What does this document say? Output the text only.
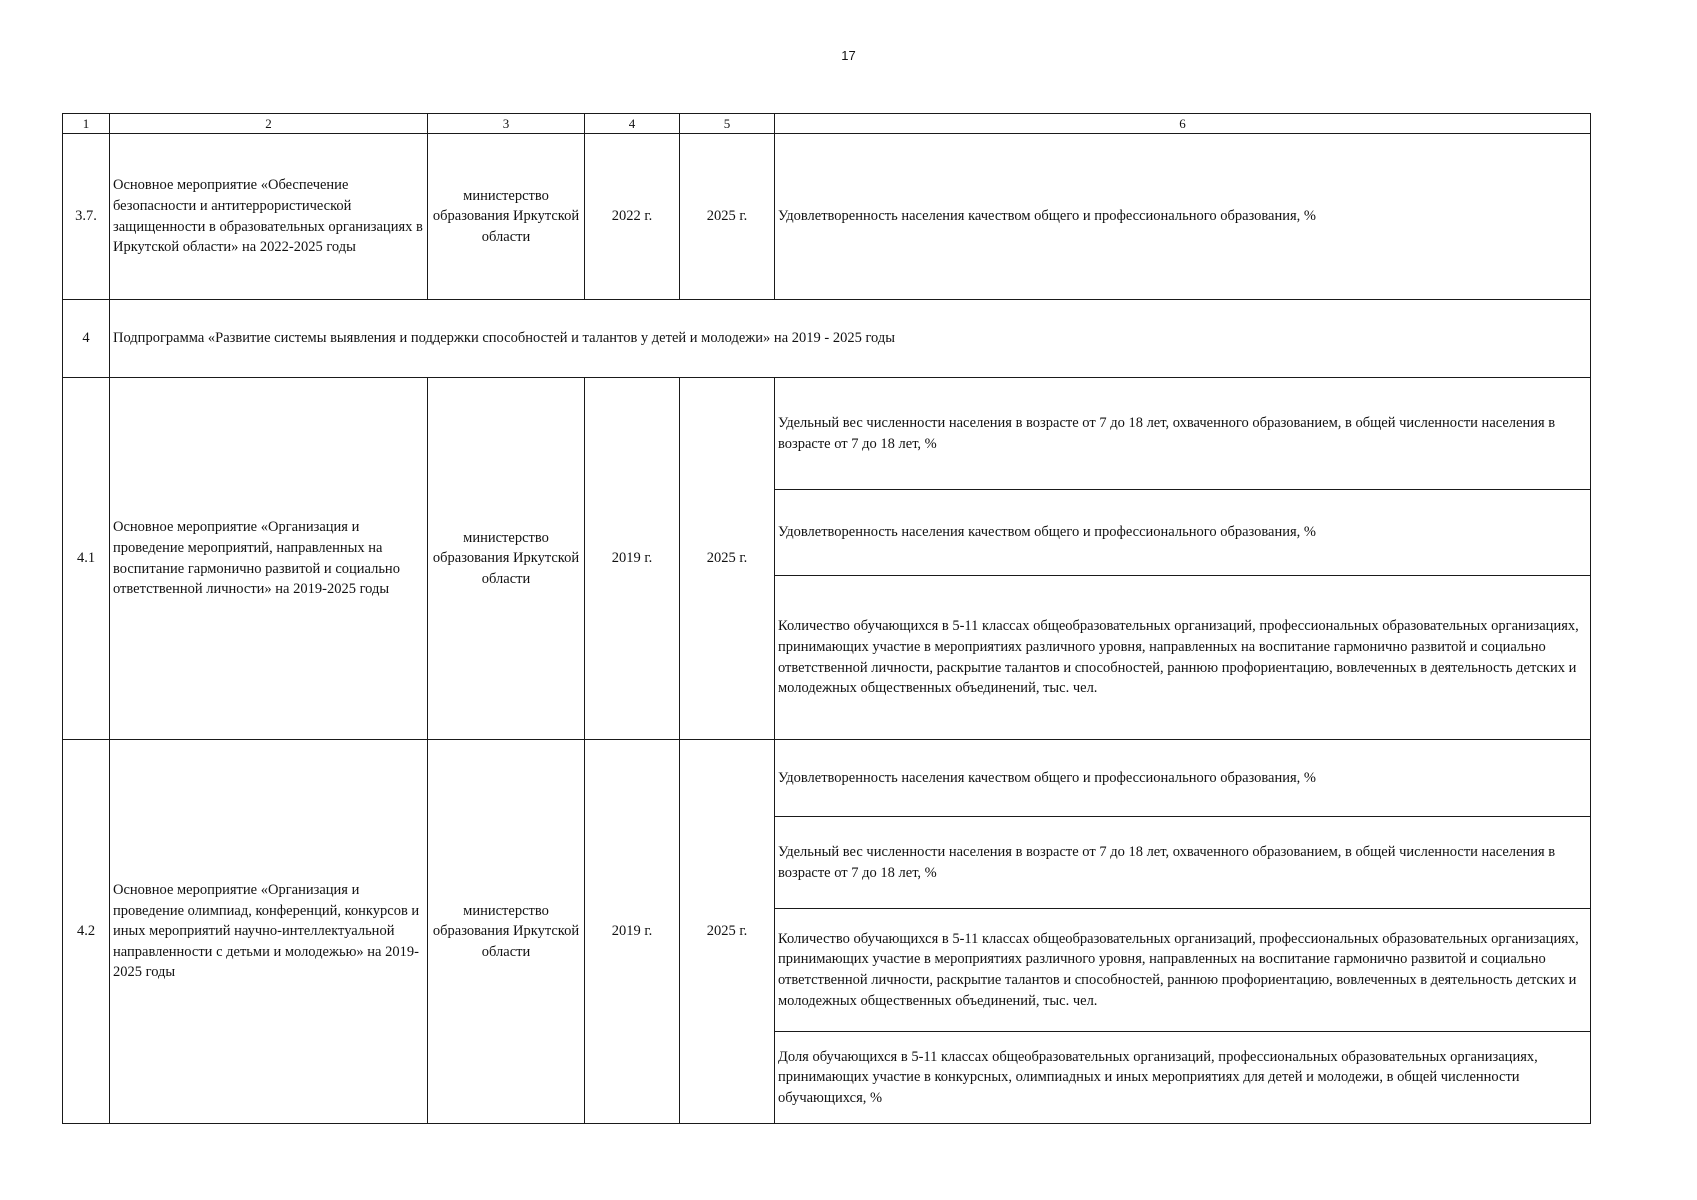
17
1	2	3	4	5	6
3.7.	Основное мероприятие «Обеспечение безопасности и антитеррористической защищенности в образовательных организациях в Иркутской области» на 2022-2025 годы	министерство образования Иркутской области	2022 г.	2025 г.	Удовлетворенность населения качеством общего и профессионального образования, %
4	Подпрограмма «Развитие системы выявления и поддержки способностей и талантов у детей и молодежи» на 2019 - 2025 годы				
4.1	Основное мероприятие «Организация и проведение мероприятий, направленных на воспитание гармонично развитой и социально ответственной личности» на 2019-2025 годы	министерство образования Иркутской области	2019 г.	2025 г.	Удельный вес численности населения в возрасте от 7 до 18 лет, охваченного образованием, в общей численности населения в возрасте от 7 до 18 лет, %
					Удовлетворенность населения качеством общего и профессионального образования, %
					Количество обучающихся в 5-11 классах общеобразовательных организаций, профессиональных образовательных организациях, принимающих участие в мероприятиях различного уровня, направленных на воспитание гармонично развитой и социально ответственной личности, раскрытие талантов и способностей, раннюю профориентацию, вовлеченных в деятельность детских и молодежных общественных объединений, тыс. чел.
4.2	Основное мероприятие «Организация и проведение олимпиад, конференций, конкурсов и иных мероприятий научно-интеллектуальной направленности с детьми и молодежью» на 2019-2025 годы	министерство образования Иркутской области	2019 г.	2025 г.	Удовлетворенность населения качеством общего и профессионального образования, %
					Удельный вес численности населения в возрасте от 7 до 18 лет, охваченного образованием, в общей численности населения в возрасте от 7 до 18 лет, %
					Количество обучающихся в 5-11 классах общеобразовательных организаций, профессиональных образовательных организациях, принимающих участие в мероприятиях различного уровня, направленных на воспитание гармонично развитой и социально ответственной личности, раскрытие талантов и способностей, раннюю профориентацию, вовлеченных в деятельность детских и молодежных общественных объединений, тыс. чел.
					Доля обучающихся в 5-11 классах общеобразовательных организаций, профессиональных образовательных организациях, принимающих участие в конкурсных, олимпиадных и иных мероприятиях для детей и молодежи, в общей численности обучающихся, %
